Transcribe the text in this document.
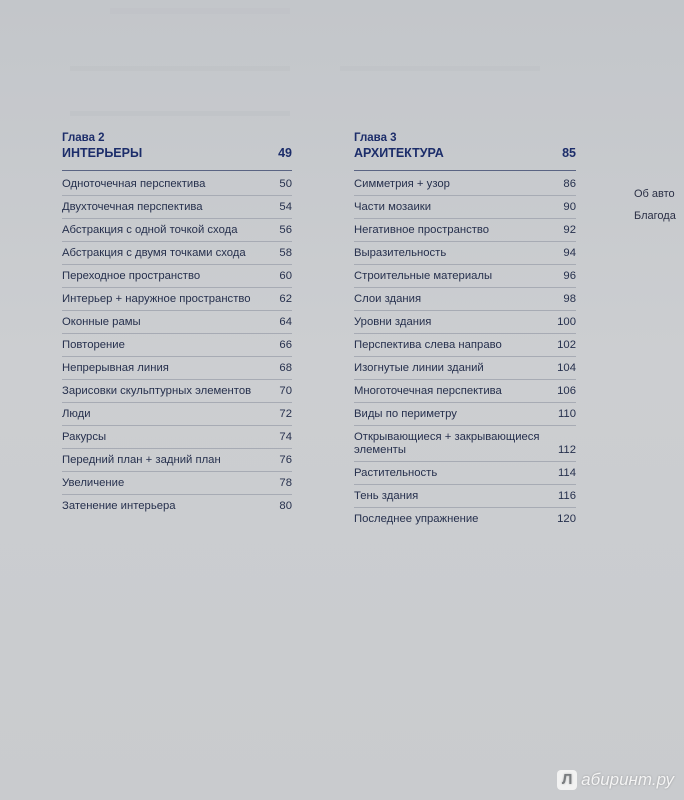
Глава 2
ИНТЕРЬЕРЫ	49
Одноточечная перспектива	50
Двухточечная перспектива	54
Абстракция с одной точкой схода	56
Абстракция с двумя точками схода	58
Переходное пространство	60
Интерьер + наружное пространство	62
Оконные рамы	64
Повторение	66
Непрерывная линия	68
Зарисовки скульптурных элементов	70
Люди	72
Ракурсы	74
Передний план + задний план	76
Увеличение	78
Затенение интерьера	80
Глава 3
АРХИТЕКТУРА	85
Симметрия + узор	86
Части мозаики	90
Негативное пространство	92
Выразительность	94
Строительные материалы	96
Слои здания	98
Уровни здания	100
Перспектива слева направо	102
Изогнутые линии зданий	104
Многоточечная перспектива	106
Виды по периметру	110
Открывающиеся + закрывающиеся элементы	112
Растительность	114
Тень здания	116
Последнее упражнение	120
Об авто
Благода
Л абиринт.ру
